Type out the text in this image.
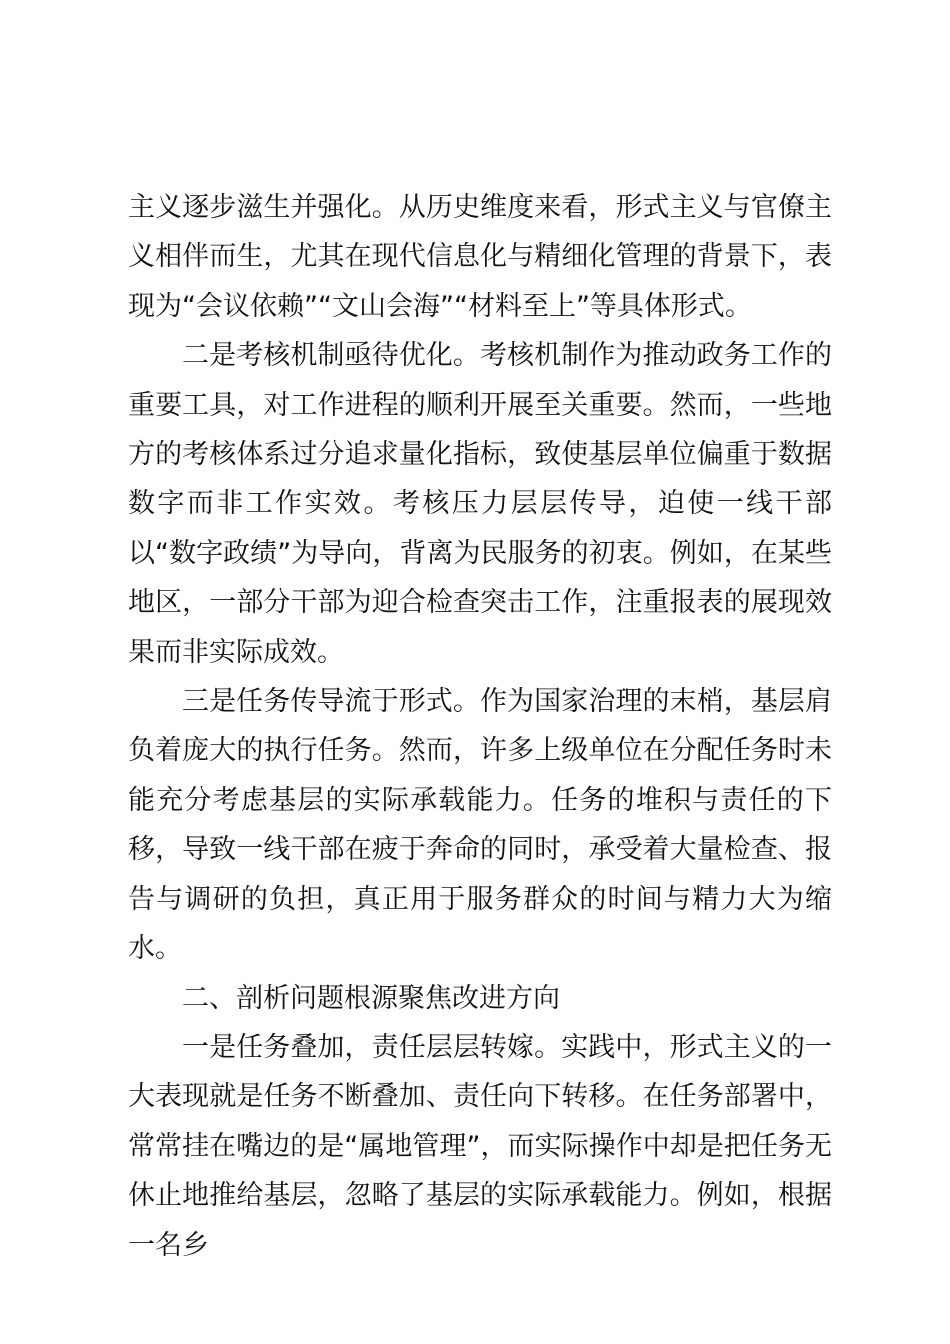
主义逐步滋生并强化。从历史维度来看，形式主义与官僚主义相伴而生，尤其在现代信息化与精细化管理的背景下，表现为“会议依赖”“文山会海”“材料至上”等具体形式。

二是考核机制亟待优化。考核机制作为推动政务工作的重要工具，对工作进程的顺利开展至关重要。然而，一些地方的考核体系过分追求量化指标，致使基层单位偏重于数据数字而非工作实效。考核压力层层传导，迫使一线干部以“数字政绩”为导向，背离为民服务的初衷。例如，在某些地区，一部分干部为迎合检查突击工作，注重报表的展现效果而非实际成效。

三是任务传导流于形式。作为国家治理的末梢，基层肩负着庞大的执行任务。然而，许多上级单位在分配任务时未能充分考虑基层的实际承载能力。任务的堆积与责任的下移，导致一线干部在疲于奔命的同时，承受着大量检查、报告与调研的负担，真正用于服务群众的时间与精力大为缩水。

二、剖析问题根源聚焦改进方向

一是任务叠加，责任层层转嫁。实践中，形式主义的一大表现就是任务不断叠加、责任向下转移。在任务部署中，常常挂在嘴边的是“属地管理”，而实际操作中却是把任务无休止地推给基层，忽略了基层的实际承载能力。例如，根据一名乡
